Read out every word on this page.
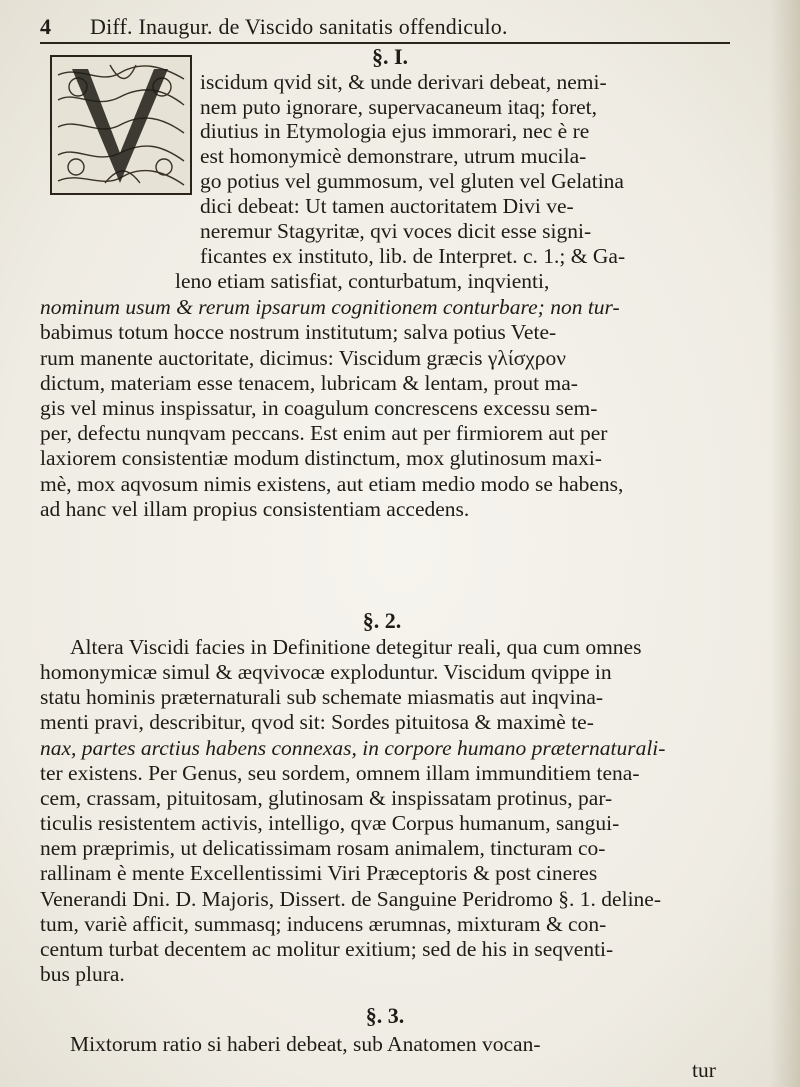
4 Diff. Inaugur. de Viscido sanitatis offendiculo.
§. I.
iscidum qvid sit, & unde derivari debeat, nemi-
nem puto ignorare, supervacaneum itaq; foret,
diutius in Etymologia ejus immorari, nec è re
est homonymicè demonstrare, utrum mucila-
go potius vel gummosum, vel gluten vel Gelatina
dici debeat: Ut tamen auctoritatem Divi ve-
neremur Stagyritæ, qvi voces dicit esse signi-
ficantes ex instituto, lib. de Interpret. c. 1.; & Ga-
leno etiam satisfiat, conturbatum, inqvienti,
nominum usum & rerum ipsarum cognitionem conturbare; non tur-
babimus totum hocce nostrum institutum; salva potius Vete-
rum manente auctoritate, dicimus: Viscidum græcis γλίσχρον
dictum, materiam esse tenacem, lubricam & lentam, prout ma-
gis vel minus inspissatur, in coagulum concrescens excessu sem-
per, defectu nunqvam peccans. Est enim aut per firmiorem aut per
laxiorem consistentiæ modum distinctum, mox glutinosum maxi-
mè, mox aqvosum nimis existens, aut etiam medio modo se habens,
ad hanc vel illam propius consistentiam accedens.
Altera Viscidi facies in Definitione detegitur reali, qua cum omnes
homonymicæ simul & æqvivocæ exploduntur. Viscidum qvippe in
statu hominis præternaturali sub schemate miasmatis aut inqvina-
menti pravi, describitur, qvod sit: Sordes pituitosa & maximè te-
nax, partes arctius habens connexas, in corpore humano præternaturali-
ter existens. Per Genus, seu sordem, omnem illam immunditiem tena-
cem, crassam, pituitosam, glutinosam & inspissatam protinus, par-
ticulis resistentem activis, intelligo, qvæ Corpus humanum, sangui-
nem præprimis, ut delicatissimam rosam animalem, tincturam co-
rallinam è mente Excellentissimi Viri Præceptoris & post cineres
Venerandi Dni. D. Majoris, Dissert. de Sanguine Peridromo §. 1. deline-
tum, variè afficit, summasq; inducens ærumnas, mixturam & con-
centum turbat decentem ac molitur exitium; sed de his in seqventi-
bus plura.
Mixtorum ratio si haberi debeat, sub Anatomen vocan-
tur
§. 2.
§. 3.
